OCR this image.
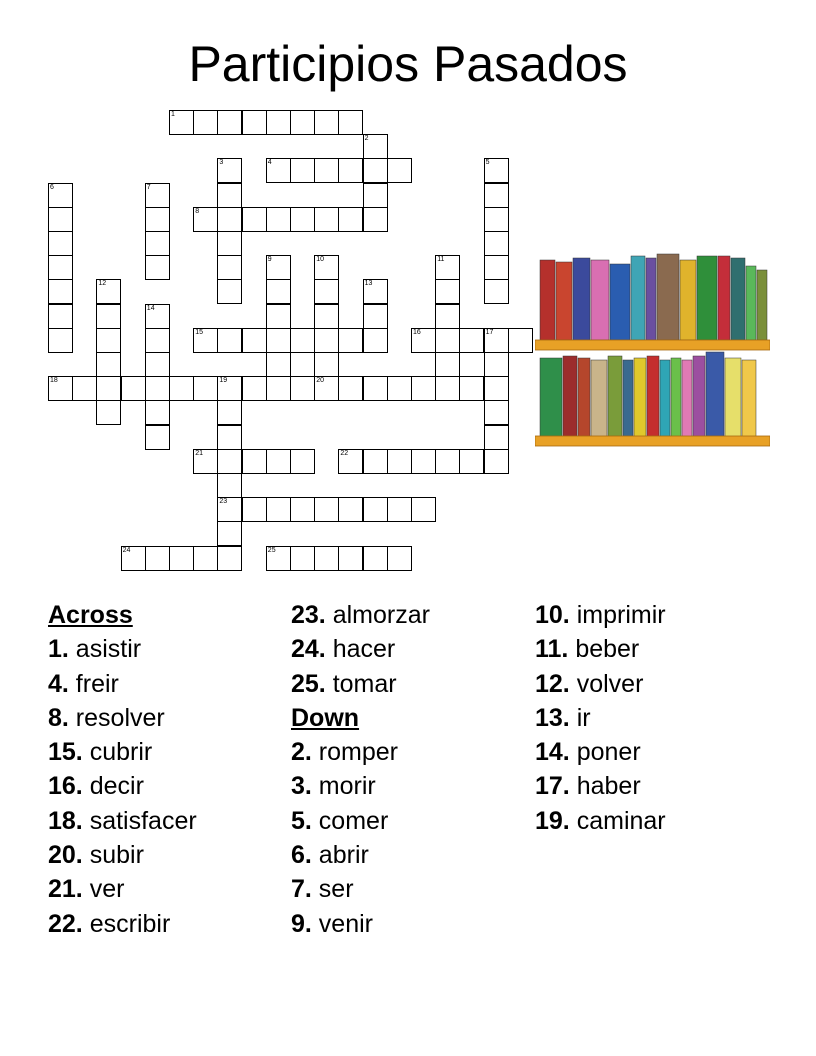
Participios Pasados
1
4
8
15	16	17
18	19	20
21	22
23
24	25
2
3	5
6	7
9	10	11
12	13
14
Across
1. asistir
4. freir
8. resolver
15. cubrir
16. decir
18. satisfacer
20. subir
21. ver
22. escribir
23. almorzar
24. hacer
25. tomar
Down
2. romper
3. morir
5. comer
6. abrir
7. ser
9. venir
10. imprimir
11. beber
12. volver
13. ir
14. poner
17. haber
19. caminar
